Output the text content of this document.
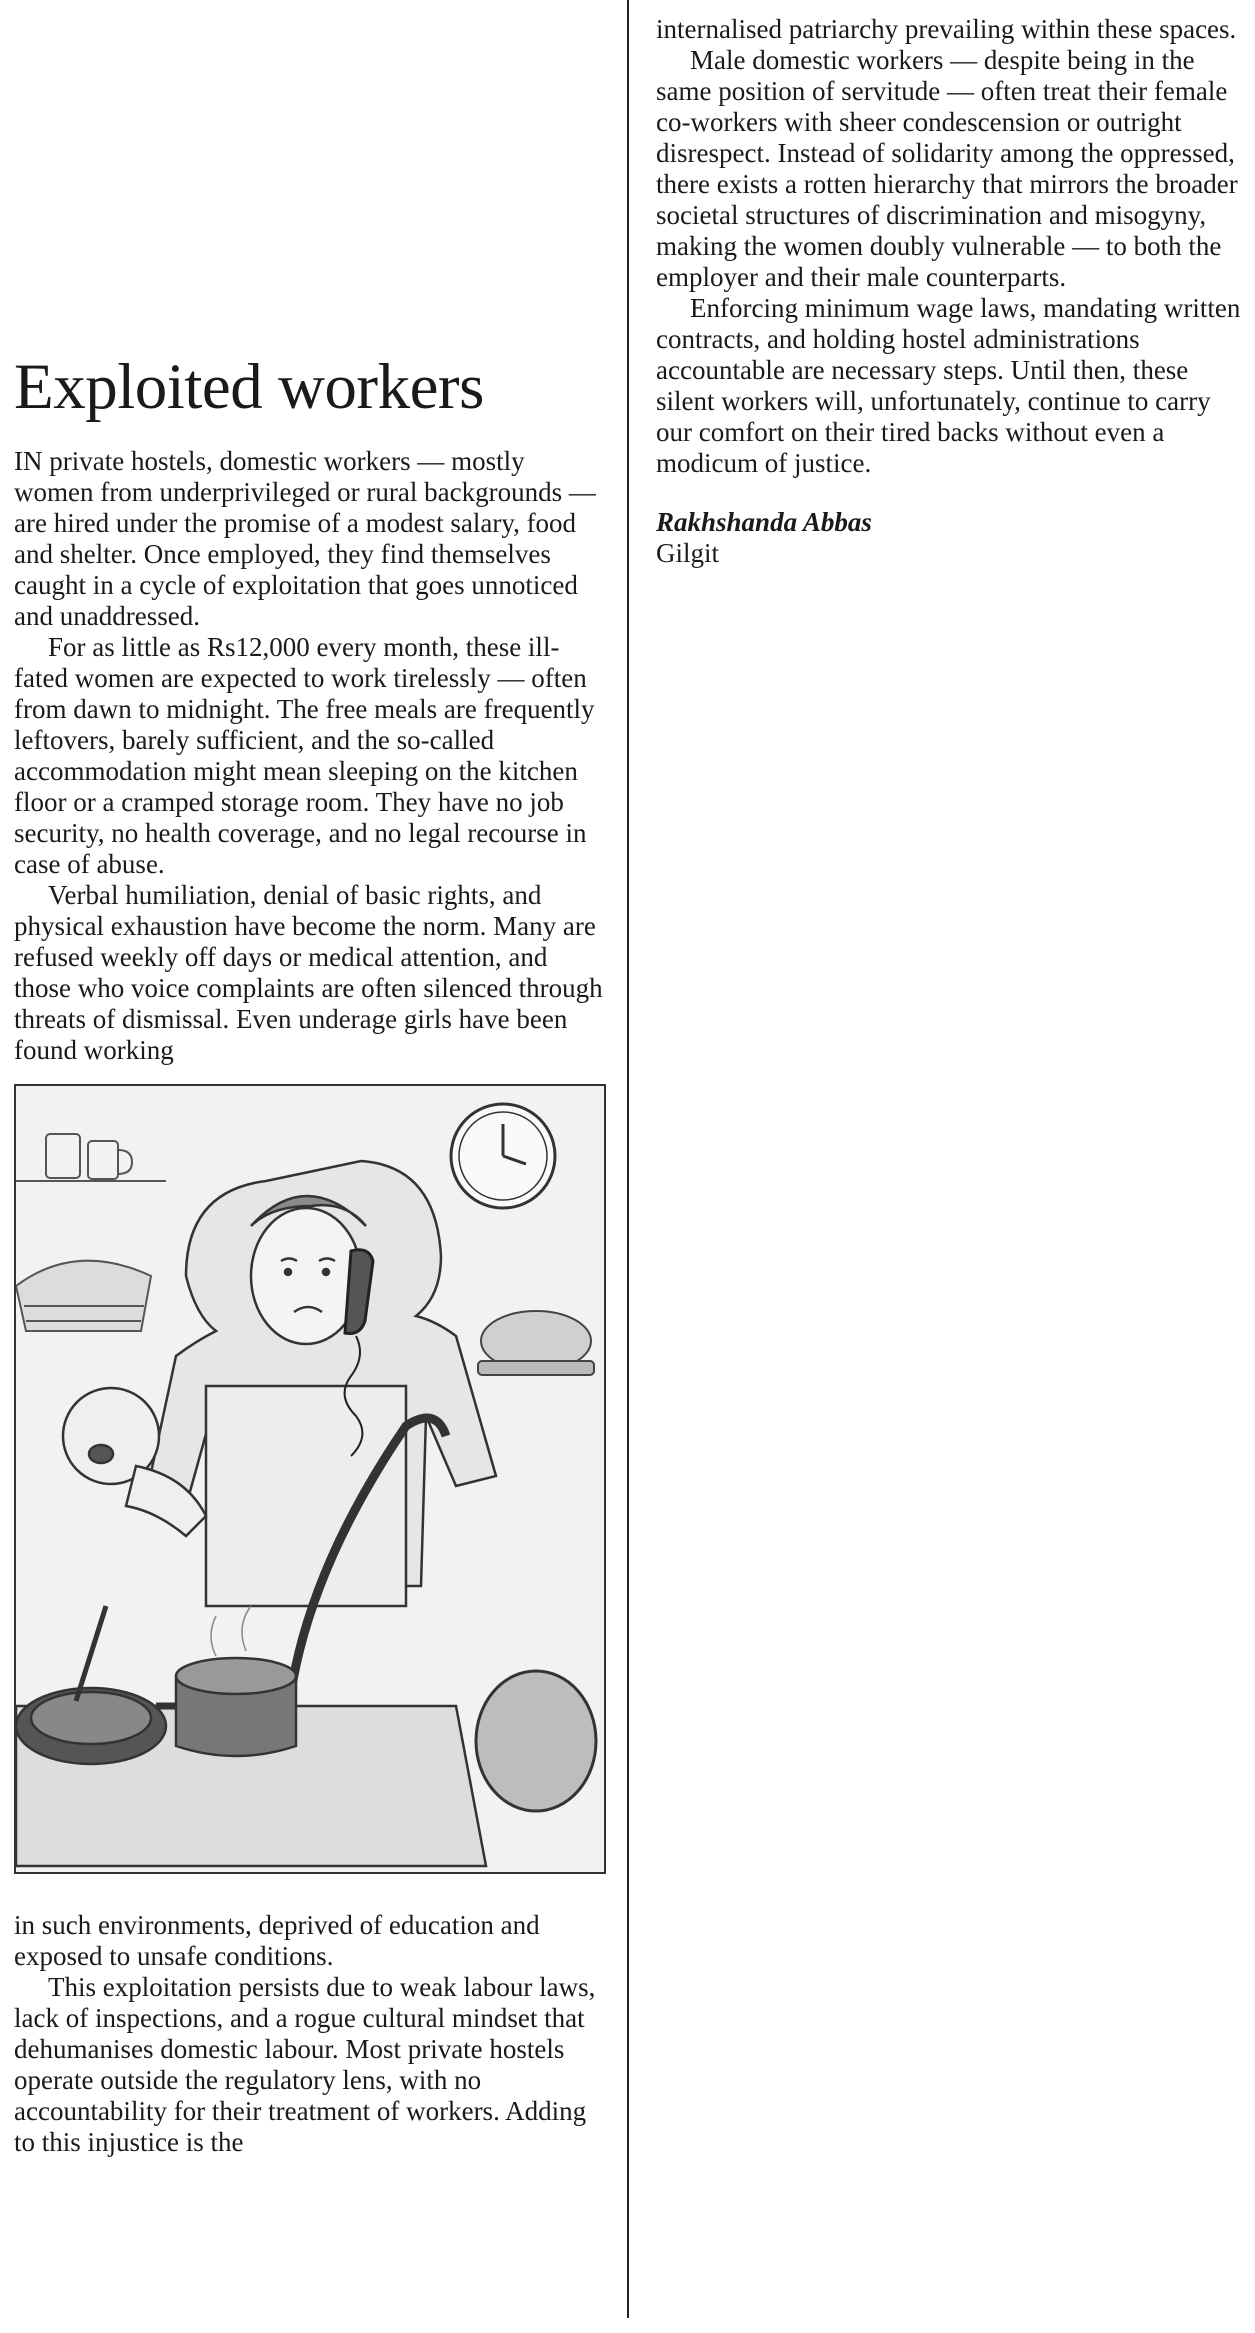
Exploited workers

IN private hostels, domestic workers — mostly women from underprivileged or rural backgrounds — are hired under the promise of a modest salary, food and shelter. Once employed, they find themselves caught in a cycle of exploitation that goes unnoticed and unaddressed.

For as little as Rs12,000 every month, these ill-fated women are expected to work tirelessly — often from dawn to midnight. The free meals are frequently leftovers, barely sufficient, and the so-called accommodation might mean sleeping on the kitchen floor or a cramped storage room. They have no job security, no health coverage, and no legal recourse in case of abuse.

Verbal humiliation, denial of basic rights, and physical exhaustion have become the norm. Many are refused weekly off days or medical attention, and those who voice complaints are often silenced through threats of dismissal. Even underage girls have been found working

in such environments, deprived of education and exposed to unsafe conditions.

This exploitation persists due to weak labour laws, lack of inspections, and a rogue cultural mindset that dehumanises domestic labour. Most private hostels operate outside the regulatory lens, with no accountability for their treatment of workers. Adding to this injustice is the

internalised patriarchy prevailing within these spaces.

Male domestic workers — despite being in the same position of servitude — often treat their female co-workers with sheer condescension or outright disrespect. Instead of solidarity among the oppressed, there exists a rotten hierarchy that mirrors the broader societal structures of discrimination and misogyny, making the women doubly vulnerable — to both the employer and their male counterparts.

Enforcing minimum wage laws, mandating written contracts, and holding hostel administrations accountable are necessary steps. Until then, these silent workers will, unfortunately, continue to carry our comfort on their tired backs without even a modicum of justice.

Rakhshanda Abbas
Gilgit
